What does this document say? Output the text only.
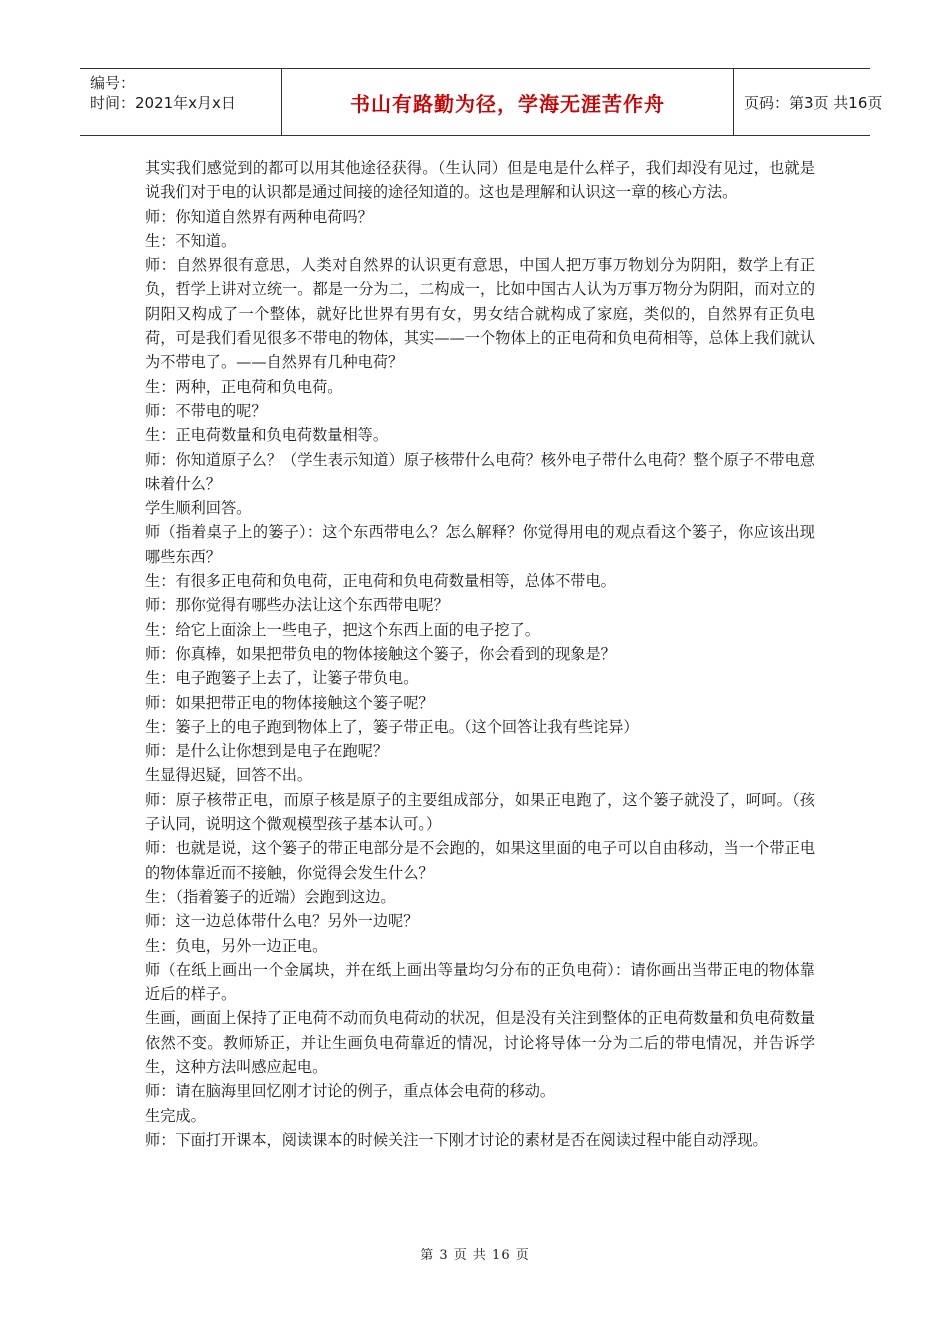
编号：
时间：2021年x月x日	书山有路勤为径，学海无涯苦作舟	页码：第3页 共16页

其实我们感觉到的都可以用其他途径获得。（生认同）但是电是什么样子，我们却没有见过，也就是说我们对于电的认识都是通过间接的途径知道的。这也是理解和认识这一章的核心方法。

师：你知道自然界有两种电荷吗？

生：不知道。

师：自然界很有意思，人类对自然界的认识更有意思，中国人把万事万物划分为阴阳，数学上有正负，哲学上讲对立统一。都是一分为二，二构成一，比如中国古人认为万事万物分为阴阳，而对立的阴阳又构成了一个整体，就好比世界有男有女，男女结合就构成了家庭，类似的，自然界有正负电荷，可是我们看见很多不带电的物体，其实——一个物体上的正电荷和负电荷相等，总体上我们就认为不带电了。——自然界有几种电荷？

生：两种，正电荷和负电荷。

师：不带电的呢？

生：正电荷数量和负电荷数量相等。

师：你知道原子么？（学生表示知道）原子核带什么电荷？核外电子带什么电荷？整个原子不带电意味着什么？

学生顺利回答。

师（指着桌子上的篓子）：这个东西带电么？怎么解释？你觉得用电的观点看这个篓子，你应该出现哪些东西？

生：有很多正电荷和负电荷，正电荷和负电荷数量相等，总体不带电。

师：那你觉得有哪些办法让这个东西带电呢？

生：给它上面涂上一些电子，把这个东西上面的电子挖了。

师：你真棒，如果把带负电的物体接触这个篓子，你会看到的现象是？

生：电子跑篓子上去了，让篓子带负电。

师：如果把带正电的物体接触这个篓子呢？

生：篓子上的电子跑到物体上了，篓子带正电。（这个回答让我有些诧异）

师：是什么让你想到是电子在跑呢？

生显得迟疑，回答不出。

师：原子核带正电，而原子核是原子的主要组成部分，如果正电跑了，这个篓子就没了，呵呵。（孩子认同，说明这个微观模型孩子基本认可。）

师：也就是说，这个篓子的带正电部分是不会跑的，如果这里面的电子可以自由移动，当一个带正电的物体靠近而不接触，你觉得会发生什么？

生：（指着篓子的近端）会跑到这边。

师：这一边总体带什么电？另外一边呢？

生：负电，另外一边正电。

师（在纸上画出一个金属块，并在纸上画出等量均匀分布的正负电荷）：请你画出当带正电的物体靠近后的样子。

生画，画面上保持了正电荷不动而负电荷动的状况，但是没有关注到整体的正电荷数量和负电荷数量依然不变。教师矫正，并让生画负电荷靠近的情况，讨论将导体一分为二后的带电情况，并告诉学生，这种方法叫感应起电。

师：请在脑海里回忆刚才讨论的例子，重点体会电荷的移动。

生完成。

师：下面打开课本，阅读课本的时候关注一下刚才讨论的素材是否在阅读过程中能自动浮现。

第 3 页 共 16 页
